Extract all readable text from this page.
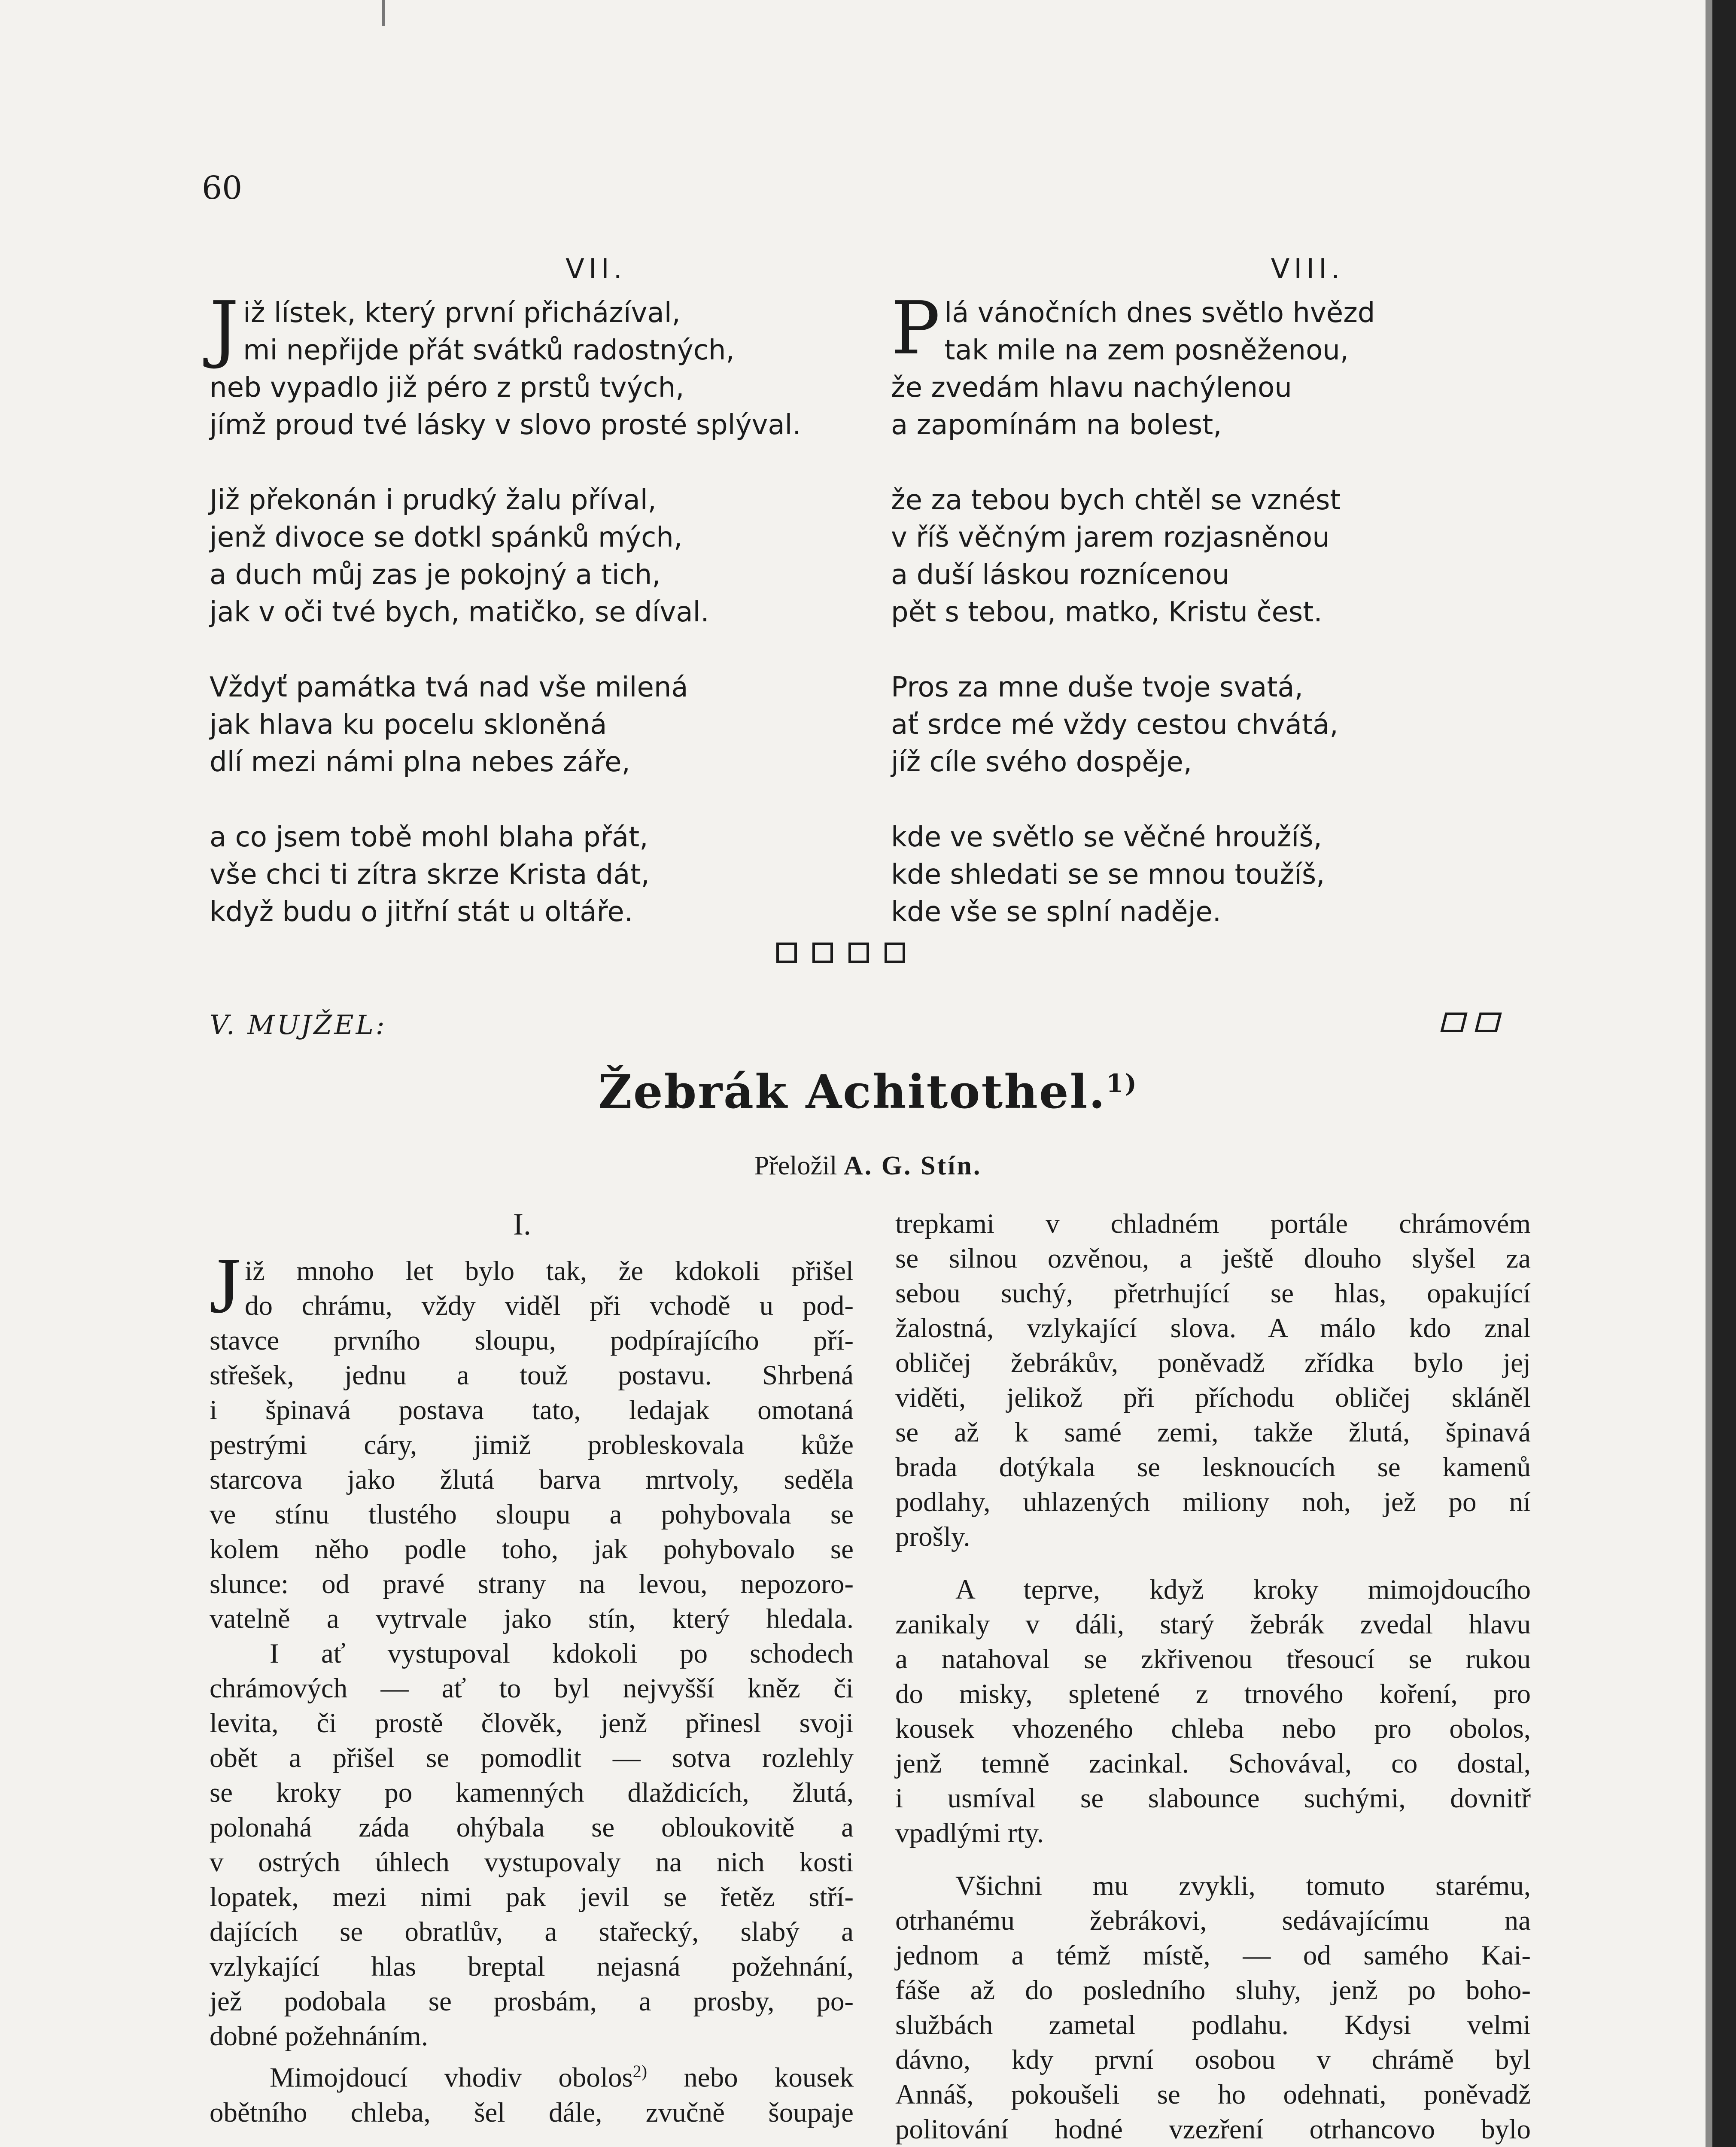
60
VII.
J iž lístek, který první přicházíval,
mi nepřijde přát svátků radostných,
neb vypadlo již péro z prstů tvých,
jímž proud tvé lásky v slovo prosté splýval.
Již překonán i prudký žalu příval,
jenž divoce se dotkl spánků mých,
a duch můj zas je pokojný a tich,
jak v oči tvé bych, matičko, se díval.
Vždyť památka tvá nad vše milená
jak hlava ku pocelu skloněná
dlí mezi námi plna nebes záře,
a co jsem tobě mohl blaha přát,
vše chci ti zítra skrze Krista dát,
když budu o jitřní stát u oltáře.
VIII.
P lá vánočních dnes světlo hvězd
tak mile na zem posněženou,
že zvedám hlavu nachýlenou
a zapomínám na bolest,
že za tebou bych chtěl se vznést
v říš věčným jarem rozjasněnou
a duší láskou roznícenou
pět s tebou, matko, Kristu čest.
Pros za mne duše tvoje svatá,
ať srdce mé vždy cestou chvátá,
jíž cíle svého dospěje,
kde ve světlo se věčné hroužíš,
kde shledati se se mnou toužíš,
kde vše se splní naděje.
V. MUJŽEL:
Žebrák Achitothel.$^{1)}$
Přeložil A. G. Stín.
I.
J iž mnoho let bylo tak, že kdokoli přišel
do chrámu, vždy viděl při vchodě u pod-
stavce prvního sloupu, podpírajícího pří-
střešek, jednu a touž postavu. Shrbená
i špinavá postava tato, ledajak omotaná
pestrými cáry, jimiž probleskovala kůže
starcova jako žlutá barva mrtvoly, seděla
ve stínu tlustého sloupu a pohybovala se
kolem něho podle toho, jak pohybovalo se
slunce: od pravé strany na levou, nepozoro-
vatelně a vytrvale jako stín, který hledala.
I ať vystupoval kdokoli po schodech
chrámových — ať to byl nejvyšší kněz či
levita, či prostě člověk, jenž přinesl svoji
obět a přišel se pomodlit — sotva rozlehly
se kroky po kamenných dlaždicích, žlutá,
polonahá záda ohýbala se obloukovitě a
v ostrých úhlech vystupovaly na nich kosti
lopatek, mezi nimi pak jevil se řetěz stří-
dajících se obratlův, a stařecký, slabý a
vzlykající hlas breptal nejasná požehnání,
jež podobala se prosbám, a prosby, po-
dobné požehnáním.
Mimojdoucí vhodiv obolos$^{2)}$ nebo kousek
obětního chleba, šel dále, zvučně šoupaje
trepkami v chladném portále chrámovém
se silnou ozvěnou, a ještě dlouho slyšel za
sebou suchý, přetrhující se hlas, opakující
žalostná, vzlykající slova. A málo kdo znal
obličej žebrákův, poněvadž zřídka bylo jej
viděti, jelikož při příchodu obličej skláněl
se až k samé zemi, takže žlutá, špinavá
brada dotýkala se lesknoucích se kamenů
podlahy, uhlazených miliony noh, jež po ní
prošly.
A teprve, když kroky mimojdoucího
zanikaly v dáli, starý žebrák zvedal hlavu
a natahoval se zkřivenou třesoucí se rukou
do misky, spletené z trnového koření, pro
kousek vhozeného chleba nebo pro obolos,
jenž temně zacinkal. Schovával, co dostal,
i usmíval se slabounce suchými, dovnitř
vpadlými rty.
Všichni mu zvykli, tomuto starému,
otrhanému žebrákovi, sedávajícímu na
jednom a témž místě, — od samého Kai-
fáše až do posledního sluhy, jenž po boho-
službách zametal podlahu. Kdysi velmi
dávno, kdy první osobou v chrámě byl
Annáš, pokoušeli se ho odehnati, poněvadž
politování hodné vzezření otrhancovo bylo
